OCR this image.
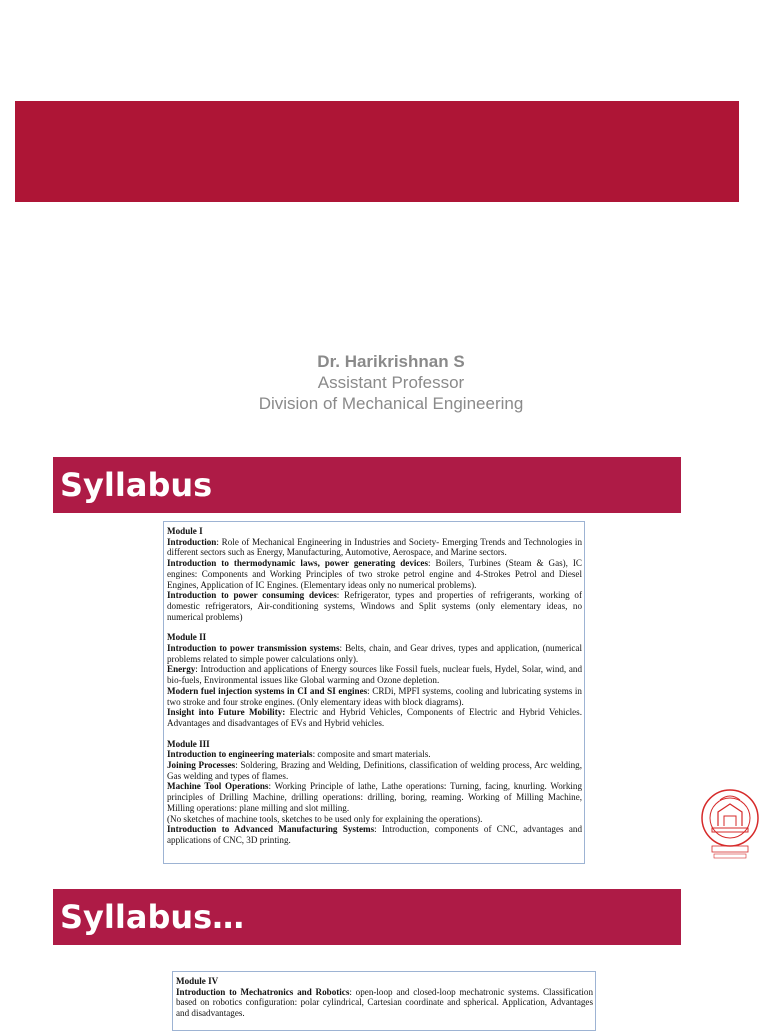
Dr. Harikrishnan S
Assistant Professor
Division of Mechanical Engineering
Syllabus

Module I

Introduction: Role of Mechanical Engineering in Industries and Society- Emerging Trends and Technologies in different sectors such as Energy, Manufacturing, Automotive, Aerospace, and Marine sectors.

Introduction to thermodynamic laws, power generating devices: Boilers, Turbines (Steam & Gas), IC engines: Components and Working Principles of two stroke petrol engine and 4-Strokes Petrol and Diesel Engines, Application of IC Engines. (Elementary ideas only no numerical problems).

Introduction to power consuming devices: Refrigerator, types and properties of refrigerants, working of domestic refrigerators, Air-conditioning systems, Windows and Split systems (only elementary ideas, no numerical problems)

Module II

Introduction to power transmission systems: Belts, chain, and Gear drives, types and application, (numerical problems related to simple power calculations only).

Energy: Introduction and applications of Energy sources like Fossil fuels, nuclear fuels, Hydel, Solar, wind, and bio-fuels, Environmental issues like Global warming and Ozone depletion.

Modern fuel injection systems in CI and SI engines: CRDi, MPFI systems, cooling and lubricating systems in two stroke and four stroke engines. (Only elementary ideas with block diagrams).

Insight into Future Mobility: Electric and Hybrid Vehicles, Components of Electric and Hybrid Vehicles. Advantages and disadvantages of EVs and Hybrid vehicles.

Module III

Introduction to engineering materials: composite and smart materials.

Joining Processes: Soldering, Brazing and Welding, Definitions, classification of welding process, Arc welding, Gas welding and types of flames.

Machine Tool Operations: Working Principle of lathe, Lathe operations: Turning, facing, knurling. Working principles of Drilling Machine, drilling operations: drilling, boring, reaming. Working of Milling Machine, Milling operations: plane milling and slot milling.

(No sketches of machine tools, sketches to be used only for explaining the operations).

Introduction to Advanced Manufacturing Systems: Introduction, components of CNC, advantages and applications of CNC, 3D printing.

Syllabus…

Module IV

Introduction to Mechatronics and Robotics: open-loop and closed-loop mechatronic systems. Classification based on robotics configuration: polar cylindrical, Cartesian coordinate and spherical. Application, Advantages and disadvantages.
